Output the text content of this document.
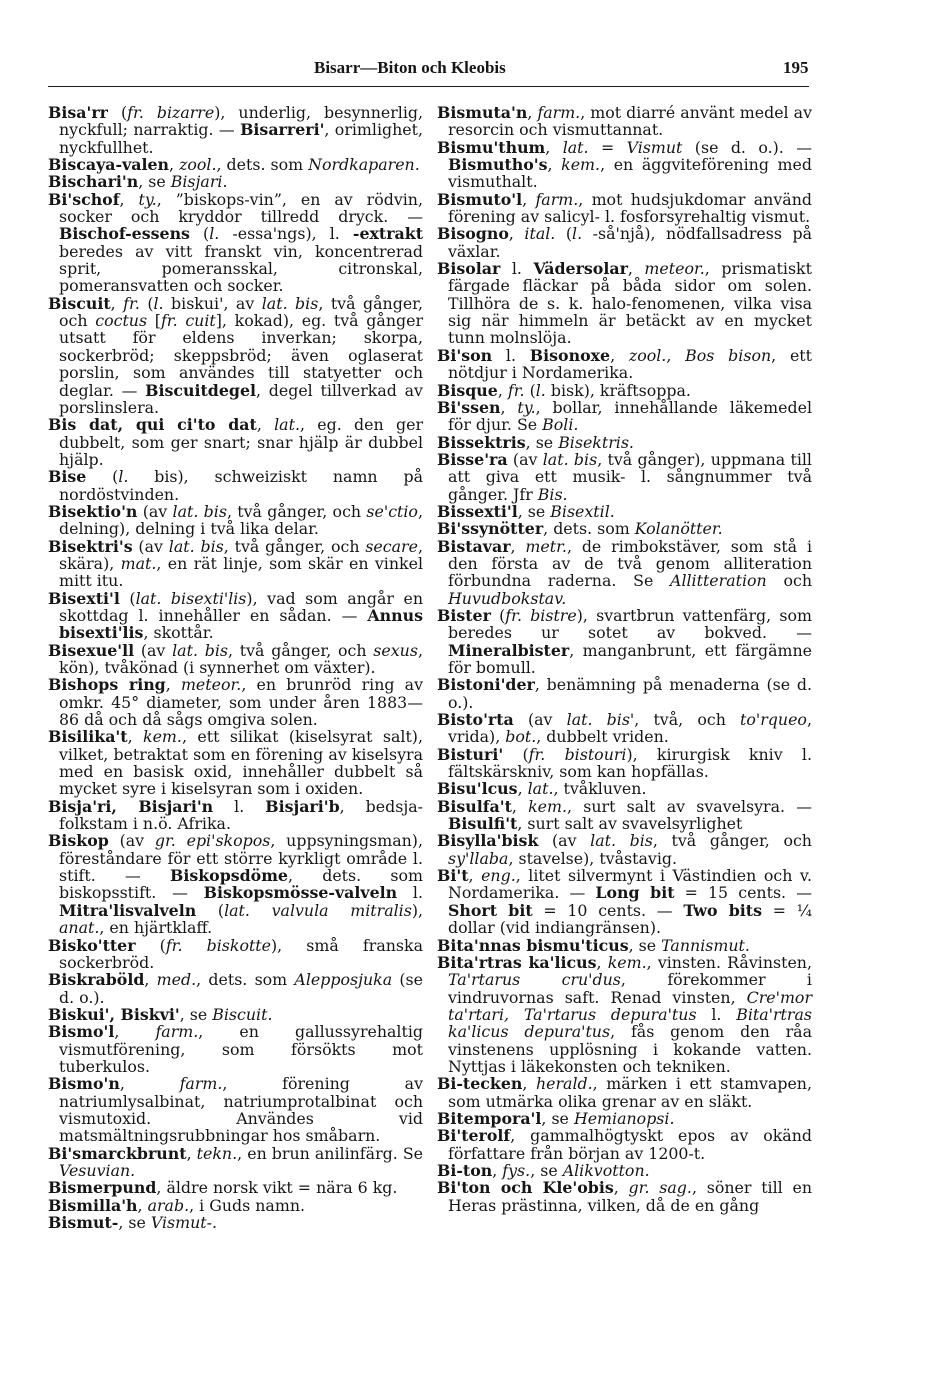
Bisarr—Biton och Kleobis	195

Bisa'rr (fr. bizarre), underlig, besynnerlig, nyckfull; narraktig. — Bisarreri', orimlighet, nyckfullhet.

Biscaya-valen, zool., dets. som Nordkaparen.

Bischari'n, se Bisjari.

Bi'schof, ty., ”biskops-vin”, en av rödvin, socker och kryddor tillredd dryck. — Bischof-essens (l. -essa'ngs), l. -extrakt beredes av vitt franskt vin, koncentrerad sprit, pomeransskal, citronskal, pomeransvatten och socker.

Biscuit, fr. (l. biskui', av lat. bis, två gånger, och coctus [fr. cuit], kokad), eg. två gånger utsatt för eldens inverkan; skorpa, sockerbröd; skeppsbröd; även oglaserat porslin, som användes till statyetter och deglar. — Biscuitdegel, degel tillverkad av porslinslera.

Bis dat, qui ci'to dat, lat., eg. den ger dubbelt, som ger snart; snar hjälp är dubbel hjälp.

Bise (l. bis), schweiziskt namn på nordöstvinden.

Bisektio'n (av lat. bis, två gånger, och se'ctio, delning), delning i två lika delar.

Bisektri's (av lat. bis, två gånger, och secare, skära), mat., en rät linje, som skär en vinkel mitt itu.

Bisexti'l (lat. bisexti'lis), vad som angår en skottdag l. innehåller en sådan. — Annus bisexti'lis, skottår.

Bisexue'll (av lat. bis, två gånger, och sexus, kön), tvåkönad (i synnerhet om växter).

Bishops ring, meteor., en brunröd ring av omkr. 45° diameter, som under åren 1883—86 då och då sågs omgiva solen.

Bisilika't, kem., ett silikat (kiselsyrat salt), vilket, betraktat som en förening av kiselsyra med en basisk oxid, innehåller dubbelt så mycket syre i kiselsyran som i oxiden.

Bisja'ri, Bisjari'n l. Bisjari'b, bedsja-folkstam i n.ö. Afrika.

Biskop (av gr. epi'skopos, uppsyningsman), föreståndare för ett större kyrkligt område l. stift. — Biskopsdöme, dets. som biskopsstift. — Biskopsmösse-valveln l. Mitra'lisvalveln (lat. valvula mitralis), anat., en hjärtklaff.

Bisko'tter (fr. biskotte), små franska sockerbröd.

Biskraböld, med., dets. som Alepposjuka (se d. o.).

Biskui', Biskvi', se Biscuit.

Bismo'l, farm., en gallussyrehaltig vismutförening, som försökts mot tuberkulos.

Bismo'n, farm., förening av natriumlysalbinat, natriumprotalbinat och vismutoxid. Användes vid matsmältningsrubbningar hos småbarn.

Bi'smarckbrunt, tekn., en brun anilinfärg. Se Vesuvian.

Bismerpund, äldre norsk vikt = nära 6 kg.

Bismilla'h, arab., i Guds namn.

Bismut-, se Vismut-.

Bismuta'n, farm., mot diarré använt medel av resorcin och vismuttannat.

Bismu'thum, lat. = Vismut (se d. o.). — Bismutho's, kem., en äggviteförening med vismuthalt.

Bismuto'l, farm., mot hudsjukdomar använd förening av salicyl- l. fosforsyrehaltig vismut.

Bisogno, ital. (l. -så'njå), nödfallsadress på växlar.

Bisolar l. Vädersolar, meteor., prismatiskt färgade fläckar på båda sidor om solen. Tillhöra de s. k. halo-fenomenen, vilka visa sig när himmeln är betäckt av en mycket tunn molnslöja.

Bi'son l. Bisonoxe, zool., Bos bison, ett nötdjur i Nordamerika.

Bisque, fr. (l. bisk), kräftsoppa.

Bi'ssen, ty., bollar, innehållande läkemedel för djur. Se Boli.

Bissektris, se Bisektris.

Bisse'ra (av lat. bis, två gånger), uppmana till att giva ett musik- l. sångnummer två gånger. Jfr Bis.

Bissexti'l, se Bisextil.

Bi'ssynötter, dets. som Kolanötter.

Bistavar, metr., de rimbokstäver, som stå i den första av de två genom alliteration förbundna raderna. Se Allitteration och Huvudbokstav.

Bister (fr. bistre), svartbrun vattenfärg, som beredes ur sotet av bokved. — Mineralbister, manganbrunt, ett färgämne för bomull.

Bistoni'der, benämning på menaderna (se d. o.).

Bisto'rta (av lat. bis', två, och to'rqueo, vrida), bot., dubbelt vriden.

Bisturi' (fr. bistouri), kirurgisk kniv l. fältskärskniv, som kan hopfällas.

Bisu'lcus, lat., tvåkluven.

Bisulfa't, kem., surt salt av svavelsyra. — Bisulfi't, surt salt av svavelsyrlighet

Bisylla'bisk (av lat. bis, två gånger, och sy'llaba, stavelse), tvåstavig.

Bi't, eng., litet silvermynt i Västindien och v. Nordamerika. — Long bit = 15 cents. — Short bit = 10 cents. — Two bits = ¼ dollar (vid indiangränsen).

Bita'nnas bismu'ticus, se Tannismut.

Bita'rtras ka'licus, kem., vinsten. Råvinsten, Ta'rtarus cru'dus, förekommer i vindruvornas saft. Renad vinsten, Cre'mor ta'rtari, Ta'rtarus depura'tus l. Bita'rtras ka'licus depura'tus, fås genom den råa vinstenens upplösning i kokande vatten. Nyttjas i läkekonsten och tekniken.

Bi-tecken, herald., märken i ett stamvapen, som utmärka olika grenar av en släkt.

Bitempora'l, se Hemianopsi.

Bi'terolf, gammalhögtyskt epos av okänd författare från början av 1200-t.

Bi-ton, fys., se Alikvotton.

Bi'ton och Kle'obis, gr. sag., söner till en Heras prästinna, vilken, då de en gång
